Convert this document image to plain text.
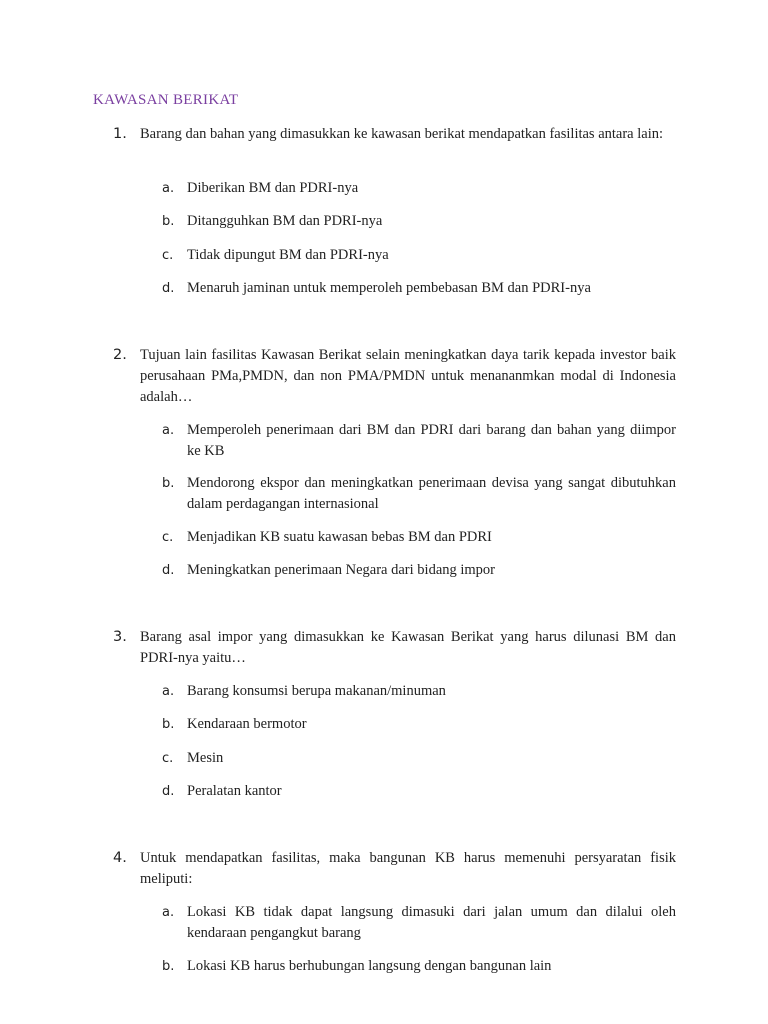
KAWASAN BERIKAT
1. Barang dan bahan yang dimasukkan ke kawasan berikat mendapatkan fasilitas antara lain:
a. Diberikan BM dan PDRI-nya
b. Ditangguhkan BM dan PDRI-nya
c. Tidak dipungut BM dan PDRI-nya
d. Menaruh jaminan untuk memperoleh pembebasan BM dan PDRI-nya
2. Tujuan lain fasilitas Kawasan Berikat selain meningkatkan daya tarik kepada investor baik perusahaan PMa,PMDN, dan non PMA/PMDN untuk menananmkan modal di Indonesia adalah…
a. Memperoleh penerimaan dari BM dan PDRI dari barang dan bahan yang diimpor ke KB
b. Mendorong ekspor dan meningkatkan penerimaan devisa yang sangat dibutuhkan dalam perdagangan internasional
c. Menjadikan KB suatu kawasan bebas BM dan PDRI
d. Meningkatkan penerimaan Negara dari bidang impor
3. Barang asal impor yang dimasukkan ke Kawasan Berikat yang harus dilunasi BM dan PDRI-nya yaitu…
a. Barang konsumsi berupa makanan/minuman
b. Kendaraan bermotor
c. Mesin
d. Peralatan kantor
4. Untuk mendapatkan fasilitas, maka bangunan KB harus memenuhi persyaratan fisik meliputi:
a. Lokasi KB tidak dapat langsung dimasuki dari jalan umum dan dilalui oleh kendaraan pengangkut barang
b. Lokasi KB harus berhubungan langsung dengan bangunan lain
